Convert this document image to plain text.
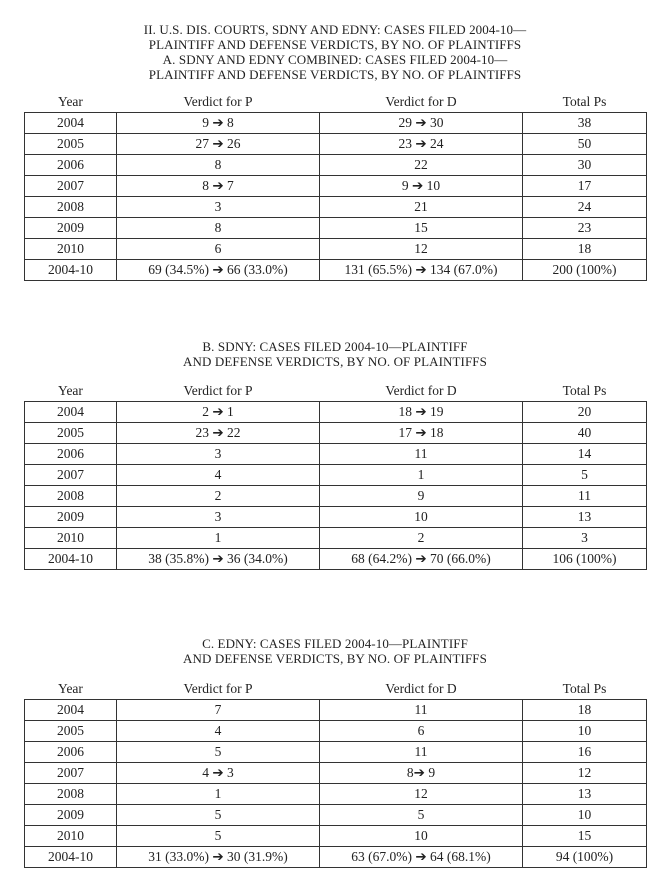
II. U.S. DIS. COURTS, SDNY AND EDNY: CASES FILED 2004-10—
PLAINTIFF AND DEFENSE VERDICTS, BY NO. OF PLAINTIFFS
A. SDNY AND EDNY COMBINED: CASES FILED 2004-10—
PLAINTIFF AND DEFENSE VERDICTS, BY NO. OF PLAINTIFFS
Year	Verdict for P	Verdict for D	Total Ps
2004	9 ➔ 8	29 ➔ 30	38
2005	27 ➔ 26	23 ➔ 24	50
2006	8	22	30
2007	8 ➔ 7	9 ➔ 10	17
2008	3	21	24
2009	8	15	23
2010	6	12	18
2004-10	69 (34.5%) ➔ 66 (33.0%)	131 (65.5%) ➔ 134 (67.0%)	200 (100%)
B. SDNY: CASES FILED 2004-10—PLAINTIFF
AND DEFENSE VERDICTS, BY NO. OF PLAINTIFFS
Year	Verdict for P	Verdict for D	Total Ps
2004	2 ➔ 1	18 ➔ 19	20
2005	23 ➔ 22	17 ➔ 18	40
2006	3	11	14
2007	4	1	5
2008	2	9	11
2009	3	10	13
2010	1	2	3
2004-10	38 (35.8%) ➔ 36 (34.0%)	68 (64.2%) ➔ 70 (66.0%)	106 (100%)
C. EDNY: CASES FILED 2004-10—PLAINTIFF
AND DEFENSE VERDICTS, BY NO. OF PLAINTIFFS
Year	Verdict for P	Verdict for D	Total Ps
2004	7	11	18
2005	4	6	10
2006	5	11	16
2007	4 ➔ 3	8➔ 9	12
2008	1	12	13
2009	5	5	10
2010	5	10	15
2004-10	31 (33.0%) ➔ 30 (31.9%)	63 (67.0%) ➔ 64 (68.1%)	94 (100%)
